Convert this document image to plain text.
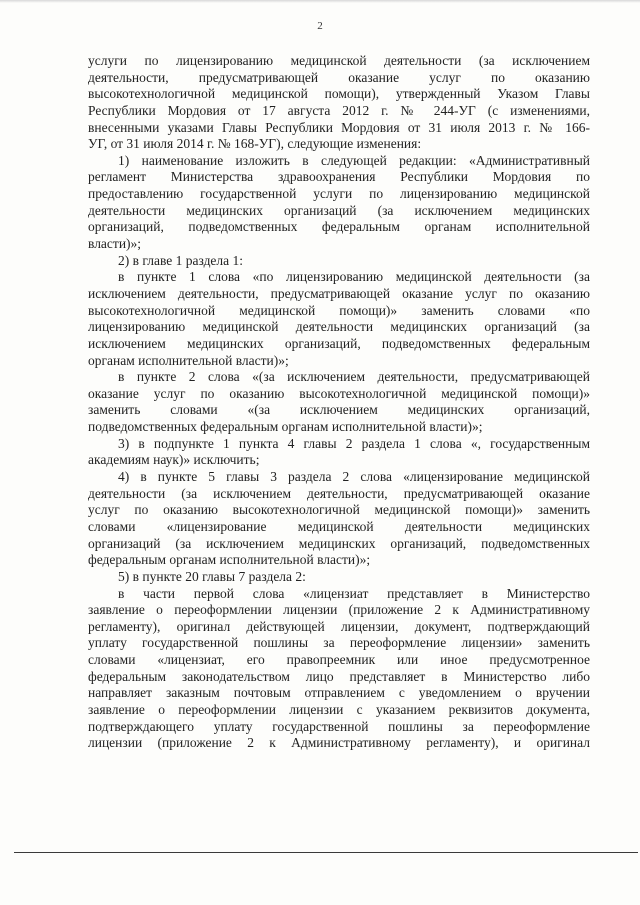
2
услуги по лицензированию медицинской деятельности (за исключением
деятельности, предусматривающей оказание услуг по оказанию
высокотехнологичной медицинской помощи), утвержденный Указом Главы
Республики Мордовия от 17 августа 2012 г. № 244-УГ (с изменениями,
внесенными указами Главы Республики Мордовия от 31 июля 2013 г. № 166-
УГ, от 31 июля 2014 г. № 168-УГ), следующие изменения:
1) наименование изложить в следующей редакции: «Административный
регламент Министерства здравоохранения Республики Мордовия по
предоставлению государственной услуги по лицензированию медицинской
деятельности медицинских организаций (за исключением медицинских
организаций, подведомственных федеральным органам исполнительной
власти)»;
2) в главе 1 раздела 1:
в пункте 1 слова «по лицензированию медицинской деятельности (за
исключением деятельности, предусматривающей оказание услуг по оказанию
высокотехнологичной медицинской помощи)» заменить словами «по
лицензированию медицинской деятельности медицинских организаций (за
исключением медицинских организаций, подведомственных федеральным
органам исполнительной власти)»;
в пункте 2 слова «(за исключением деятельности, предусматривающей
оказание услуг по оказанию высокотехнологичной медицинской помощи)»
заменить словами «(за исключением медицинских организаций,
подведомственных федеральным органам исполнительной власти)»;
3) в подпункте 1 пункта 4 главы 2 раздела 1 слова «, государственным
академиям наук)» исключить;
4) в пункте 5 главы 3 раздела 2 слова «лицензирование медицинской
деятельности (за исключением деятельности, предусматривающей оказание
услуг по оказанию высокотехнологичной медицинской помощи)» заменить
словами «лицензирование медицинской деятельности медицинских
организаций (за исключением медицинских организаций, подведомственных
федеральным органам исполнительной власти)»;
5) в пункте 20 главы 7 раздела 2:
в части первой слова «лицензиат представляет в Министерство
заявление о переоформлении лицензии (приложение 2 к Административному
регламенту), оригинал действующей лицензии, документ, подтверждающий
уплату государственной пошлины за переоформление лицензии» заменить
словами «лицензиат, его правопреемник или иное предусмотренное
федеральным законодательством лицо представляет в Министерство либо
направляет заказным почтовым отправлением с уведомлением о вручении
заявление о переоформлении лицензии с указанием реквизитов документа,
подтверждающего уплату государственной пошлины за переоформление
лицензии (приложение 2 к Административному регламенту), и оригинал
